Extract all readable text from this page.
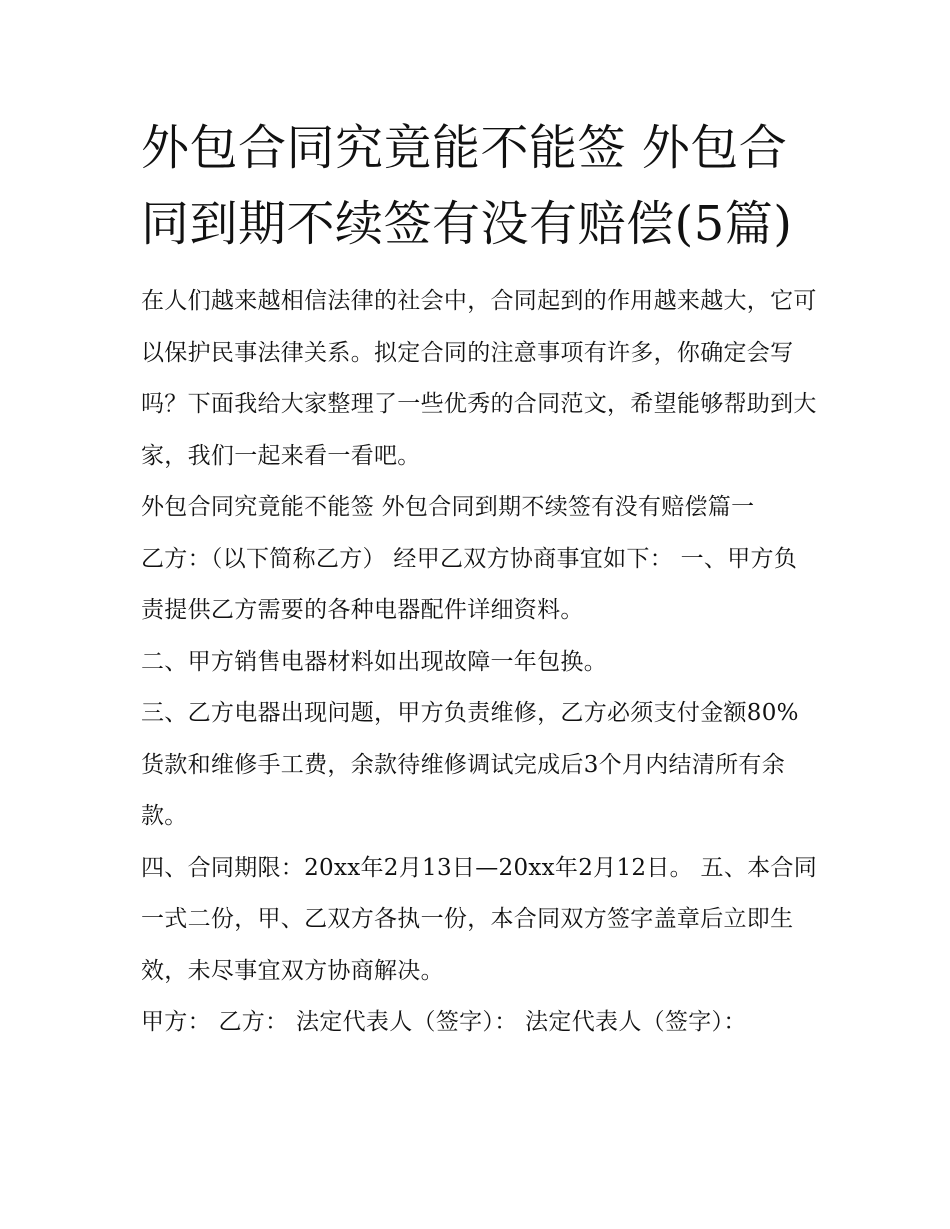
外包合同究竟能不能签 外包合同到期不续签有没有赔偿(5篇)

在人们越来越相信法律的社会中，合同起到的作用越来越大，它可以保护民事法律关系。拟定合同的注意事项有许多，你确定会写吗？下面我给大家整理了一些优秀的合同范文，希望能够帮助到大家，我们一起来看一看吧。

外包合同究竟能不能签 外包合同到期不续签有没有赔偿篇一

乙方：（以下简称乙方） 经甲乙双方协商事宜如下： 一、甲方负责提供乙方需要的各种电器配件详细资料。

二、甲方销售电器材料如出现故障一年包换。

三、乙方电器出现问题，甲方负责维修，乙方必须支付金额80%货款和维修手工费，余款待维修调试完成后3个月内结清所有余款。

四、合同期限：20xx年2月13日—20xx年2月12日。 五、本合同一式二份，甲、乙双方各执一份，本合同双方签字盖章后立即生效，未尽事宜双方协商解决。

甲方： 乙方： 法定代表人（签字）： 法定代表人（签字）：
